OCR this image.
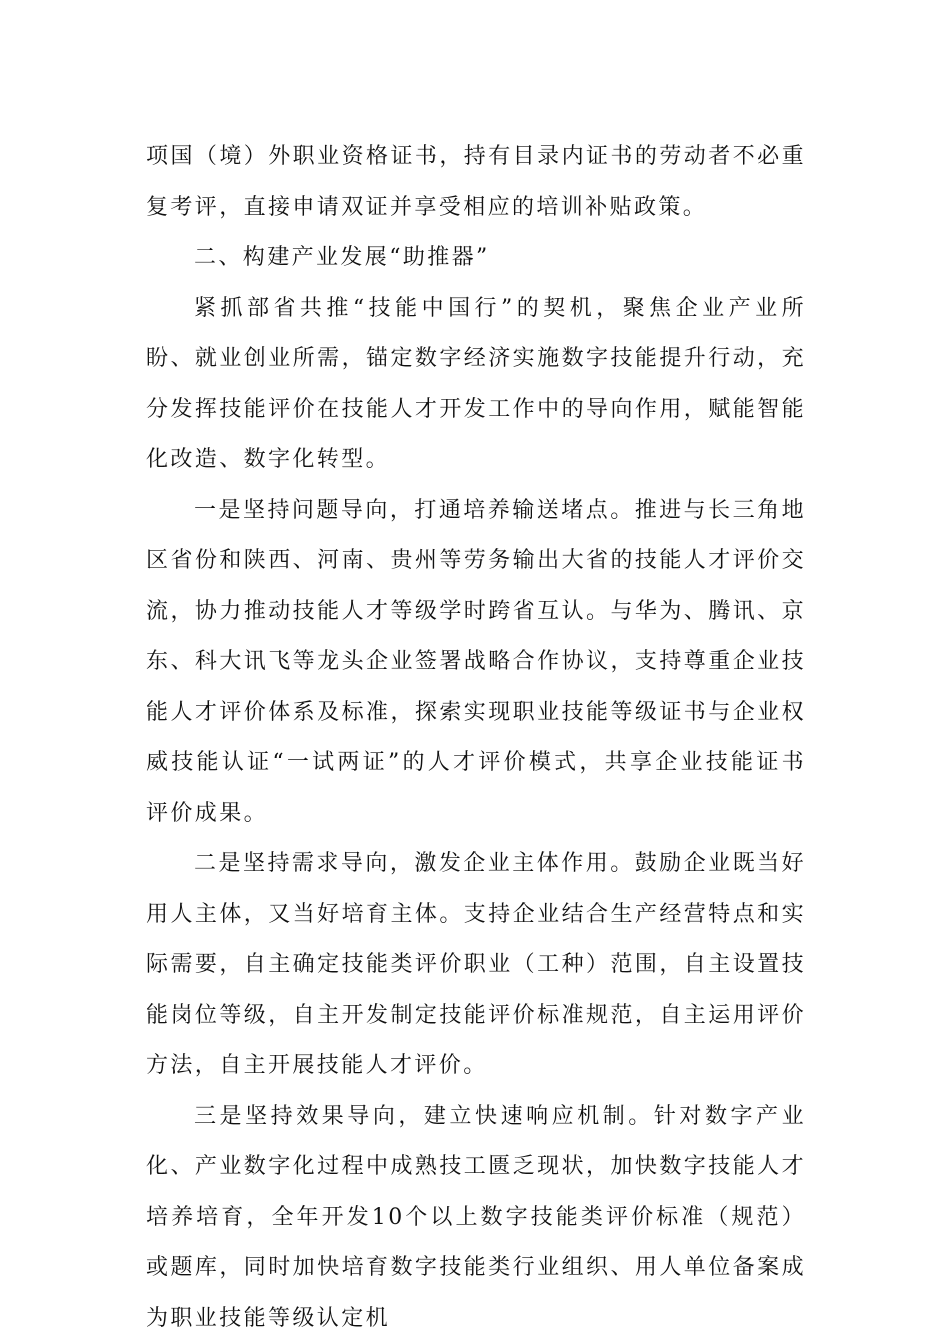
项国（境）外职业资格证书，持有目录内证书的劳动者不必重复考评，直接申请双证并享受相应的培训补贴政策。

二、构建产业发展“助推器”

紧抓部省共推“技能中国行”的契机，聚焦企业产业所盼、就业创业所需，锚定数字经济实施数字技能提升行动，充分发挥技能评价在技能人才开发工作中的导向作用，赋能智能化改造、数字化转型。

一是坚持问题导向，打通培养输送堵点。推进与长三角地区省份和陕西、河南、贵州等劳务输出大省的技能人才评价交流，协力推动技能人才等级学时跨省互认。与华为、腾讯、京东、科大讯飞等龙头企业签署战略合作协议，支持尊重企业技能人才评价体系及标准，探索实现职业技能等级证书与企业权威技能认证“一试两证”的人才评价模式，共享企业技能证书评价成果。

二是坚持需求导向，激发企业主体作用。鼓励企业既当好用人主体，又当好培育主体。支持企业结合生产经营特点和实际需要，自主确定技能类评价职业（工种）范围，自主设置技能岗位等级，自主开发制定技能评价标准规范，自主运用评价方法，自主开展技能人才评价。

三是坚持效果导向，建立快速响应机制。针对数字产业化、产业数字化过程中成熟技工匮乏现状，加快数字技能人才培养培育，全年开发10个以上数字技能类评价标准（规范）或题库，同时加快培育数字技能类行业组织、用人单位备案成为职业技能等级认定机
